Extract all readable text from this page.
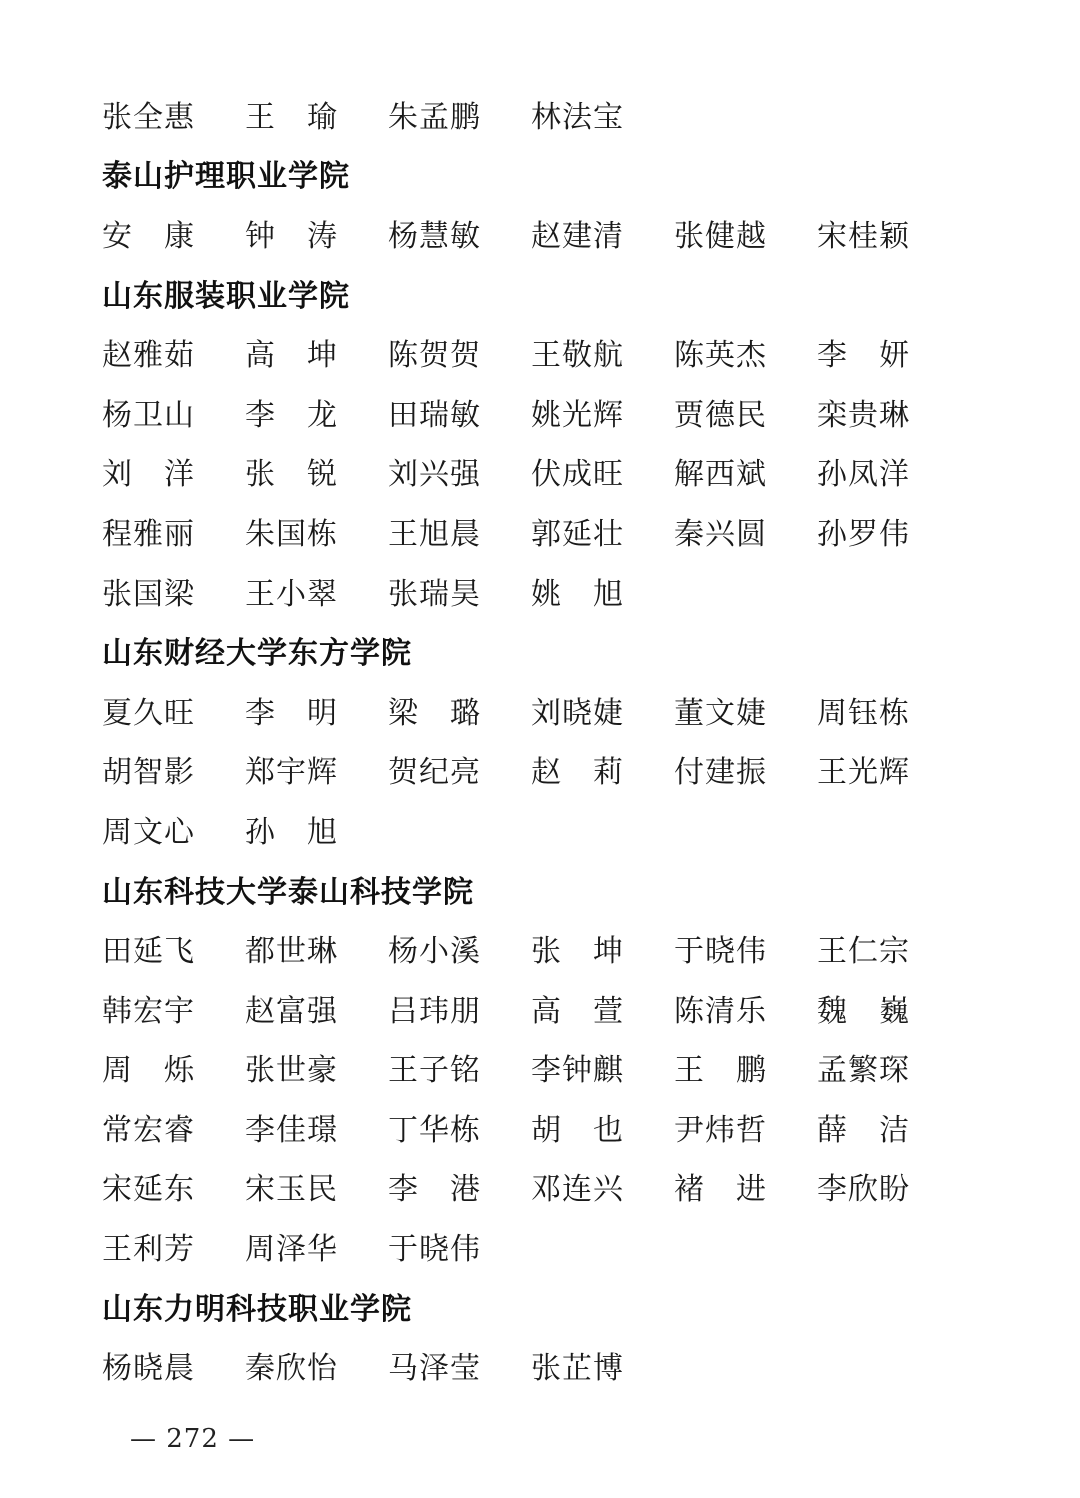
张 全 惠 王 瑜 朱 孟 鹏 林 法 宝
泰山护理职业学院
安 康 钟 涛 杨 慧 敏 赵 建 清 张 健 越 宋 桂 颖
山东服装职业学院
赵 雅 茹 高 坤 陈 贺 贺 王 敬 航 陈 英 杰 李 妍
杨 卫 山 李 龙 田 瑞 敏 姚 光 辉 贾 德 民 栾 贵 琳
刘 洋 张 锐 刘 兴 强 伏 成 旺 解 西 斌 孙 凤 洋
程 雅 丽 朱 国 栋 王 旭 晨 郭 延 壮 秦 兴 圆 孙 罗 伟
张 国 梁 王 小 翠 张 瑞 昊 姚 旭
山东财经大学东方学院
夏 久 旺 李 明 梁 璐 刘 晓 婕 董 文 婕 周 钰 栋
胡 智 影 郑 宇 辉 贺 纪 亮 赵 莉 付 建 振 王 光 辉
周 文 心 孙 旭
山东科技大学泰山科技学院
田 延 飞 都 世 琳 杨 小 溪 张 坤 于 晓 伟 王 仁 宗
韩 宏 宇 赵 富 强 吕 玮 朋 高 萱 陈 清 乐 魏 巍
周 烁 张 世 豪 王 子 铭 李 钟 麒 王 鹏 孟 繁 琛
常 宏 睿 李 佳 璟 丁 华 栋 胡 也 尹 炜 哲 薛 洁
宋 延 东 宋 玉 民 李 港 邓 连 兴 褚 进 李 欣 盼
王 利 芳 周 泽 华 于 晓 伟
山东力明科技职业学院
杨 晓 晨 秦 欣 怡 马 泽 莹 张 芷 博
— 272 —
